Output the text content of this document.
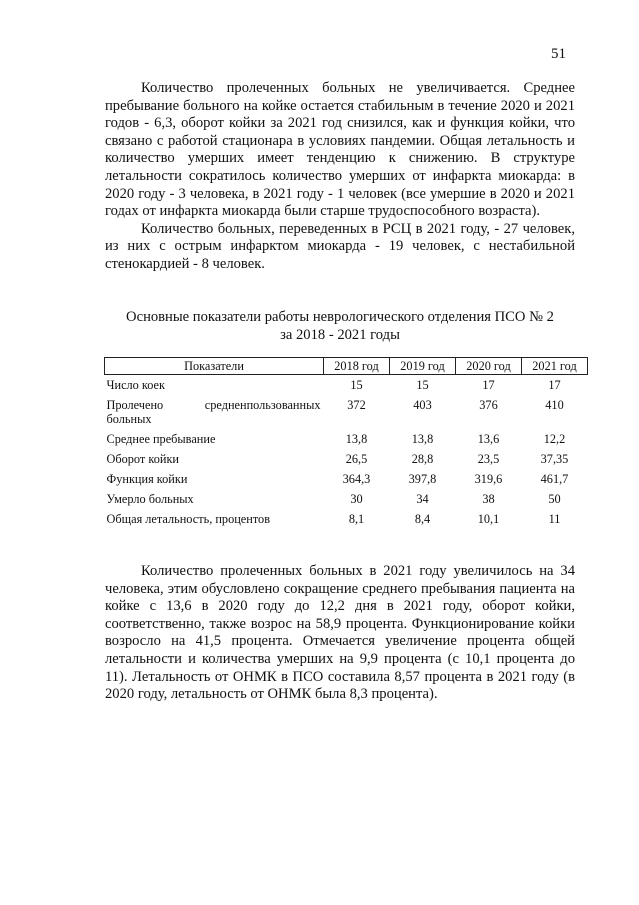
51

Количество пролеченных больных не увеличивается. Среднее пребывание больного на койке остается стабильным в течение 2020 и 2021 годов - 6,3, оборот койки за 2021 год снизился, как и функция койки, что связано с работой стационара в условиях пандемии. Общая летальность и количество умерших имеет тенденцию к снижению. В структуре летальности сократилось количество умерших от инфаркта миокарда: в 2020 году - 3 человека, в 2021 году - 1 человек (все умершие в 2020 и 2021 годах от инфаркта миокарда были старше трудоспособного возраста).

Количество больных, переведенных в РСЦ в 2021 году, - 27 человек, из них с острым инфарктом миокарда - 19 человек, с нестабильной стенокардией - 8 человек.

Основные показатели работы неврологического отделения ПСО № 2
за 2018 - 2021 годы
Показатели	2018 год	2019 год	2020 год	2021 год
Число коек	15	15	17	17

Пролечено средненпользованных
больных	372	403	376	410
Среднее пребывание	13,8	13,8	13,6	12,2
Оборот койки	26,5	28,8	23,5	37,35
Функция койки	364,3	397,8	319,6	461,7
Умерло больных	30	34	38	50
Общая летальность, процентов	8,1	8,4	10,1	11

Количество пролеченных больных в 2021 году увеличилось на 34 человека, этим обусловлено сокращение среднего пребывания пациента на койке с 13,6 в 2020 году до 12,2 дня в 2021 году, оборот койки, соответственно, также возрос на 58,9 процента. Функционирование койки возросло на 41,5 процента. Отмечается увеличение процента общей летальности и количества умерших на 9,9 процента (с 10,1 процента до 11). Летальность от ОНМК в ПСО составила 8,57 процента в 2021 году (в 2020 году, летальность от ОНМК была 8,3 процента).
